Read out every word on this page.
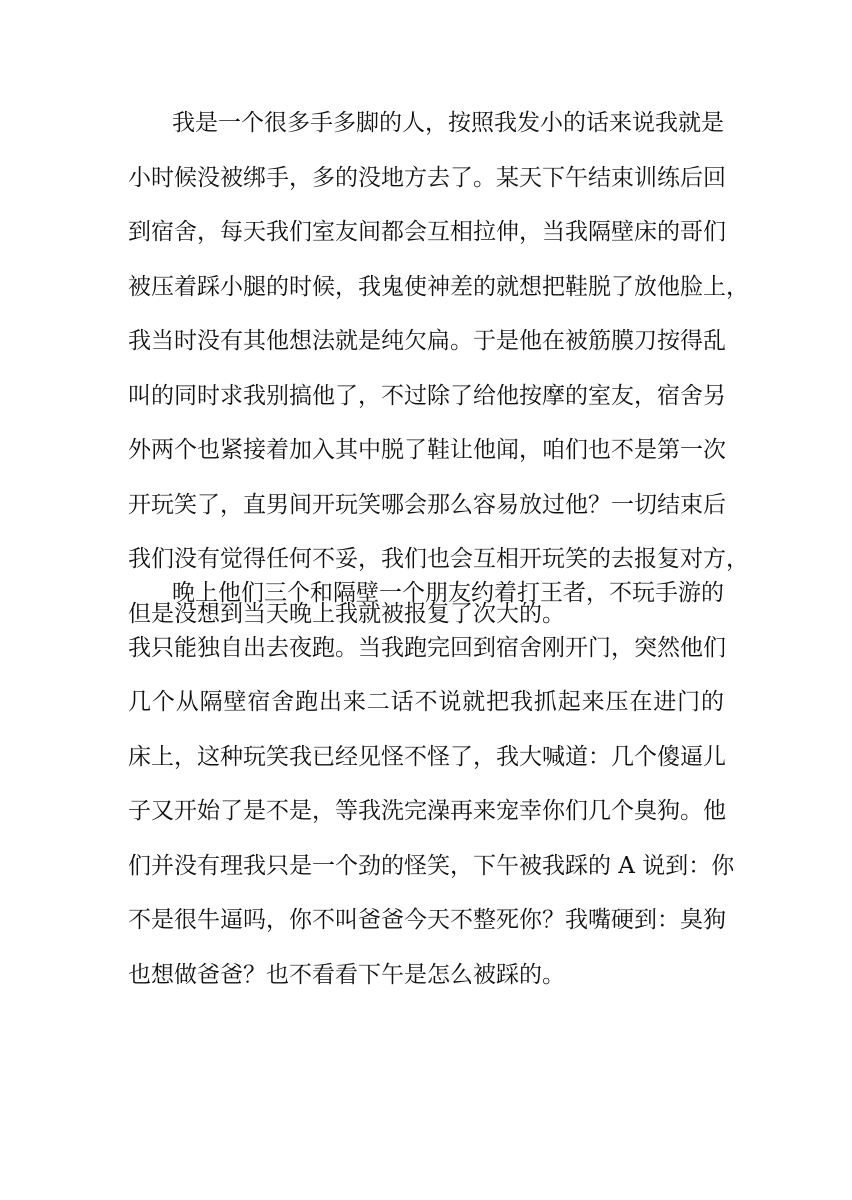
我是一个很多手多脚的人，按照我发小的话来说我就是
小时候没被绑手，多的没地方去了。某天下午结束训练后回
到宿舍，每天我们室友间都会互相拉伸，当我隔壁床的哥们
被压着踩小腿的时候，我鬼使神差的就想把鞋脱了放他脸上，
我当时没有其他想法就是纯欠扁。于是他在被筋膜刀按得乱
叫的同时求我别搞他了，不过除了给他按摩的室友，宿舍另
外两个也紧接着加入其中脱了鞋让他闻，咱们也不是第一次
开玩笑了，直男间开玩笑哪会那么容易放过他？一切结束后
我们没有觉得任何不妥，我们也会互相开玩笑的去报复对方，
但是没想到当天晚上我就被报复了次大的。
晚上他们三个和隔壁一个朋友约着打王者，不玩手游的
我只能独自出去夜跑。当我跑完回到宿舍刚开门，突然他们
几个从隔壁宿舍跑出来二话不说就把我抓起来压在进门的
床上，这种玩笑我已经见怪不怪了，我大喊道：几个傻逼儿
子又开始了是不是，等我洗完澡再来宠幸你们几个臭狗。他
们并没有理我只是一个劲的怪笑，下午被我踩的 A 说到：你
不是很牛逼吗，你不叫爸爸今天不整死你？我嘴硬到：臭狗
也想做爸爸？也不看看下午是怎么被踩的。
